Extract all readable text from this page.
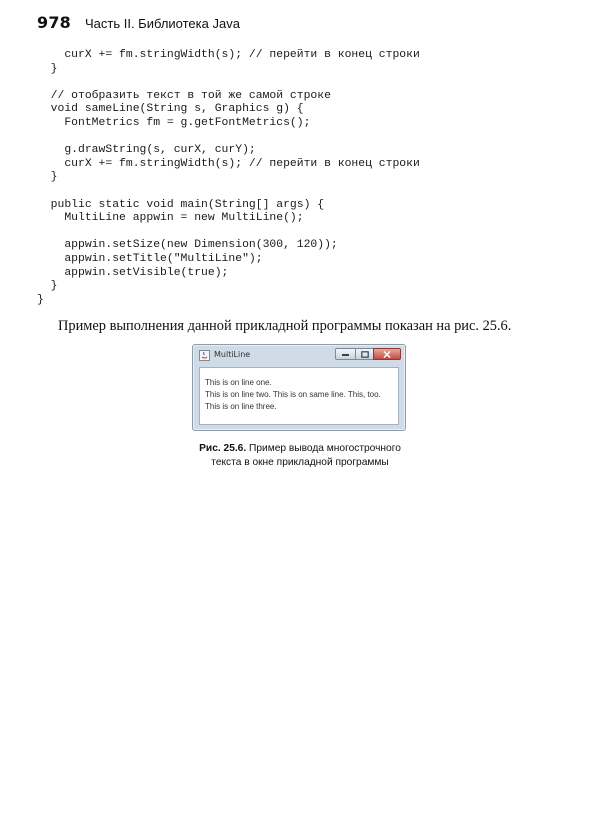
978 Часть II. Библиотека Java
curX += fm.stringWidth(s); // перейти в конец строки
}
// отобразить текст в той же самой строке
void sameLine(String s, Graphics g) {
FontMetrics fm = g.getFontMetrics();
g.drawString(s, curX, curY);
curX += fm.stringWidth(s); // перейти в конец строки
}
public static void main(String[] args) {
MultiLine appwin = new MultiLine();
appwin.setSize(new Dimension(300, 120));
appwin.setTitle("MultiLine");
appwin.setVisible(true);
}
}

Пример выполнения данной прикладной программы показан на рис. 25.6.

MultiLine
This is on line one.
This is on line two. This is on same line. This, too.
This is on line three.
Рис. 25.6. Пример вывода многострочного
текста в окне прикладной программы
